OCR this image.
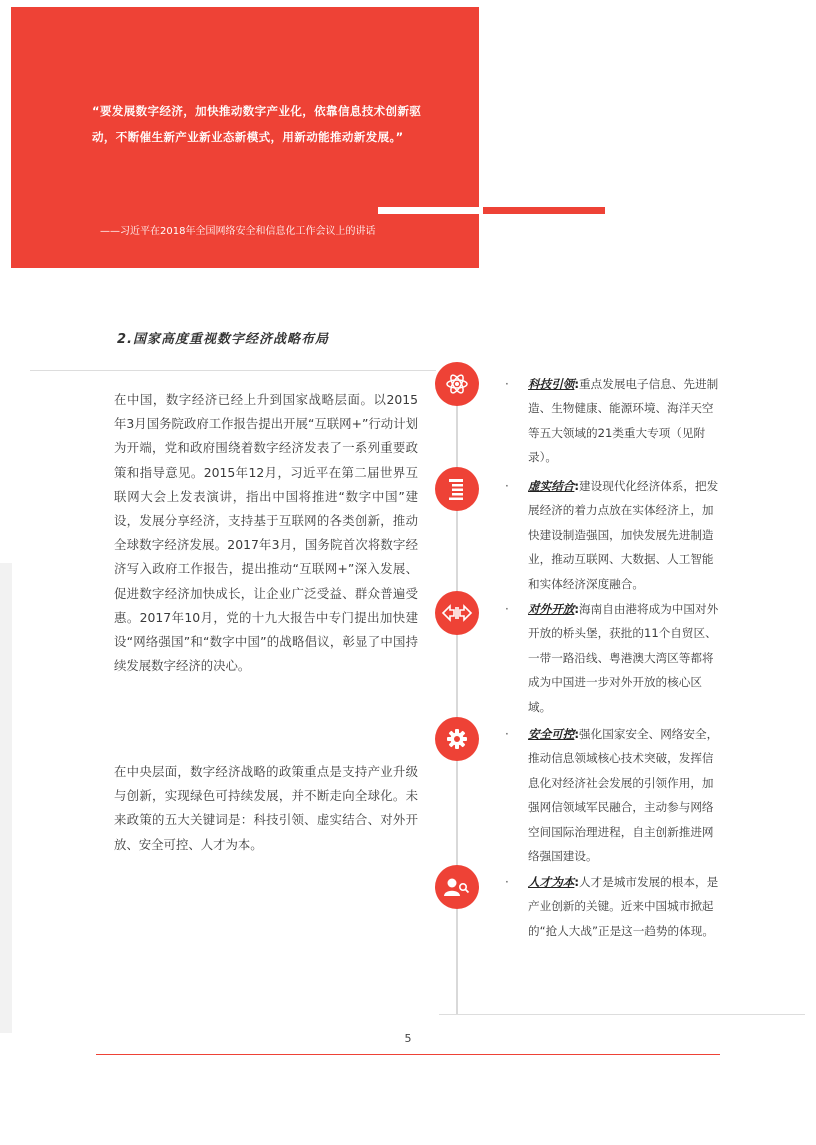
“要发展数字经济，加快推动数字产业化，依靠信息技术创新驱动，不断催生新产业新业态新模式，用新动能推动新发展。”
——习近平在2018年全国网络安全和信息化工作会议上的讲话
2.国家高度重视数字经济战略布局

在中国，数字经济已经上升到国家战略层面。以2015年3月国务院政府工作报告提出开展“互联网+”行动计划为开端，党和政府围绕着数字经济发表了一系列重要政策和指导意见。2015年12月，习近平在第二届世界互联网大会上发表演讲，指出中国将推进“数字中国”建设，发展分享经济，支持基于互联网的各类创新，推动全球数字经济发展。2017年3月，国务院首次将数字经济写入政府工作报告，提出推动“互联网+”深入发展、促进数字经济加快成长，让企业广泛受益、群众普遍受惠。2017年10月，党的十九大报告中专门提出加快建设“网络强国”和“数字中国”的战略倡议，彰显了中国持续发展数字经济的决心。

在中央层面，数字经济战略的政策重点是支持产业升级与创新，实现绿色可持续发展，并不断走向全球化。未来政策的五大关键词是：科技引领、虚实结合、对外开放、安全可控、人才为本。

· 科技引领:重点发展电子信息、先进制造、生物健康、能源环境、海洋天空等五大领域的21类重大专项（见附录）。

· 虚实结合:建设现代化经济体系，把发展经济的着力点放在实体经济上，加快建设制造强国，加快发展先进制造业，推动互联网、大数据、人工智能和实体经济深度融合。

· 对外开放:海南自由港将成为中国对外开放的桥头堡，获批的11个自贸区、一带一路沿线、粤港澳大湾区等都将成为中国进一步对外开放的核心区域。

· 安全可控:强化国家安全、网络安全，推动信息领域核心技术突破，发挥信息化对经济社会发展的引领作用，加强网信领域军民融合，主动参与网络空间国际治理进程，自主创新推进网络强国建设。

· 人才为本:人才是城市发展的根本，是产业创新的关键。近来中国城市掀起的“抢人大战”正是这一趋势的体现。

5
